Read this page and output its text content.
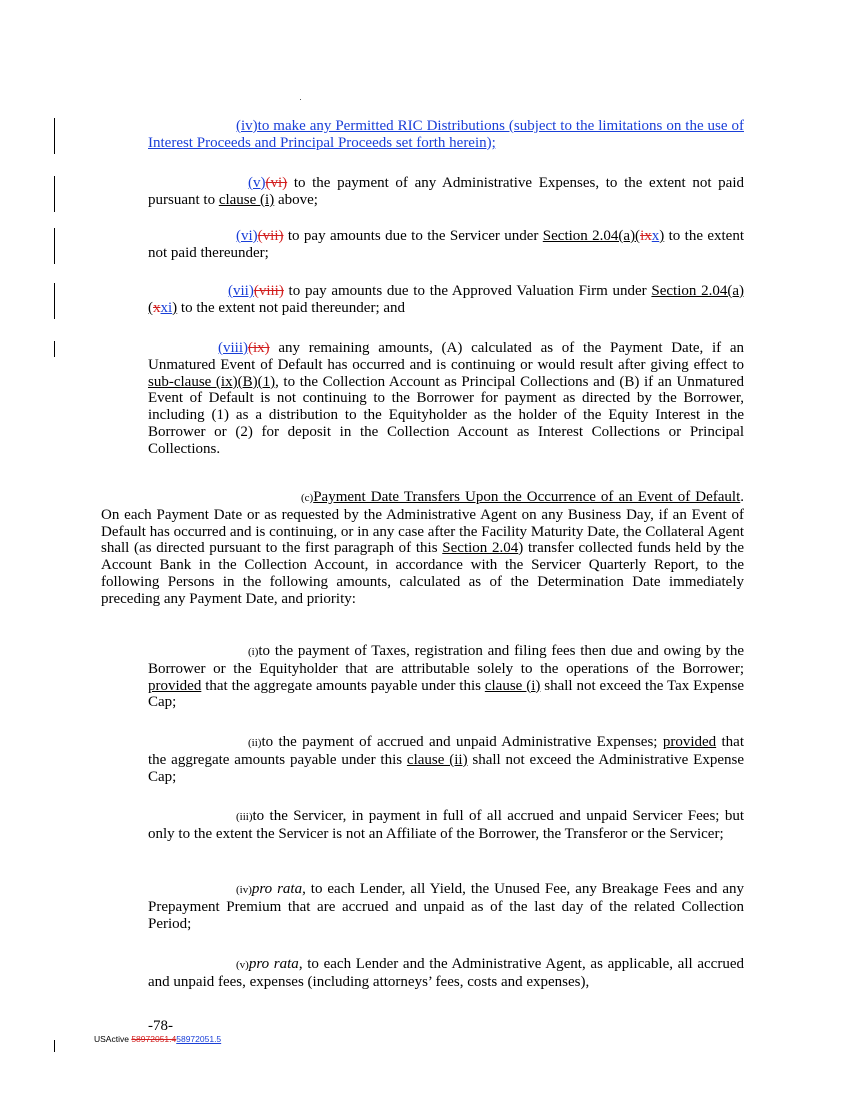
(iv)to make any Permitted RIC Distributions (subject to the limitations on the use of Interest Proceeds and Principal Proceeds set forth herein);
(v)(vi) to the payment of any Administrative Expenses, to the extent not paid pursuant to clause (i) above;
(vi)(vii) to pay amounts due to the Servicer under Section 2.04(a)(ixx) to the extent not paid thereunder;
(vii)(viii) to pay amounts due to the Approved Valuation Firm under Section 2.04(a)(xxi) to the extent not paid thereunder; and
(viii)(ix) any remaining amounts, (A) calculated as of the Payment Date, if an Unmatured Event of Default has occurred and is continuing or would result after giving effect to sub-clause (ix)(B)(1), to the Collection Account as Principal Collections and (B) if an Unmatured Event of Default is not continuing to the Borrower for payment as directed by the Borrower, including (1) as a distribution to the Equityholder as the holder of the Equity Interest in the Borrower or (2) for deposit in the Collection Account as Interest Collections or Principal Collections.
(c)Payment Date Transfers Upon the Occurrence of an Event of Default. On each Payment Date or as requested by the Administrative Agent on any Business Day, if an Event of Default has occurred and is continuing, or in any case after the Facility Maturity Date, the Collateral Agent shall (as directed pursuant to the first paragraph of this Section 2.04) transfer collected funds held by the Account Bank in the Collection Account, in accordance with the Servicer Quarterly Report, to the following Persons in the following amounts, calculated as of the Determination Date immediately preceding any Payment Date, and priority:
(i)to the payment of Taxes, registration and filing fees then due and owing by the Borrower or the Equityholder that are attributable solely to the operations of the Borrower; provided that the aggregate amounts payable under this clause (i) shall not exceed the Tax Expense Cap;
(ii)to the payment of accrued and unpaid Administrative Expenses; provided that the aggregate amounts payable under this clause (ii) shall not exceed the Administrative Expense Cap;
(iii)to the Servicer, in payment in full of all accrued and unpaid Servicer Fees; but only to the extent the Servicer is not an Affiliate of the Borrower, the Transferor or the Servicer;
(iv)pro rata, to each Lender, all Yield, the Unused Fee, any Breakage Fees and any Prepayment Premium that are accrued and unpaid as of the last day of the related Collection Period;
(v)pro rata, to each Lender and the Administrative Agent, as applicable, all accrued and unpaid fees, expenses (including attorneys’ fees, costs and expenses),
-78-
USActive 58972051.458972051.5
